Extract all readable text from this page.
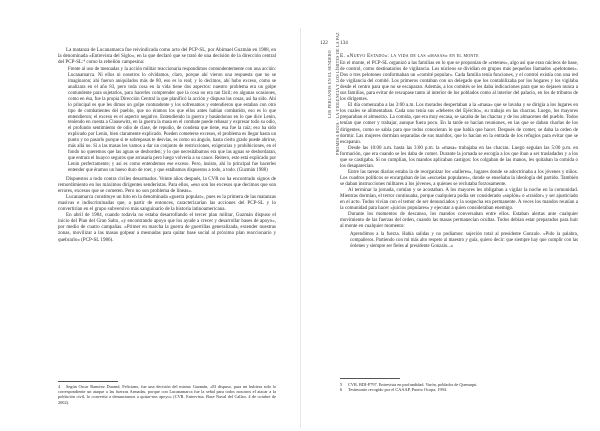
La matanza de Lucanamarca fue reivindicada como acto del PCP-SL, por Abimael Guzmán en 1988, en la denominada «Entrevista del Siglo», en la que declaró que se trató de una decisión de la dirección central del PCP-SL:⁴ como la rebelión campesina:

Frente al uso de mesnadas y la acción militar reaccionaria respondimos contundentemente con una acción: Lucanamarca. Ni ellos ni nosotros lo olvidamos, claro, porque ahí vieron una respuesta que no se imaginaron; ahí fueron aniquilados más de 80, eso es lo real; y lo decimos, ahí hubo exceso, como se analizara en el año 83, pero toda cosa en la vida tiene dos aspectos: nuestro problema era un golpe contundente para sujetarlos, para hacerles comprender que la cosa no era tan fácil; en algunas ocasiones, como en ésa, fue la propia Dirección Central la que planificó la acción y dispuso las cosas, así ha sido. Ahí lo principal es que les dimos un golpe contundente y los sofrenamos y entendieron que estaban con otro tipo de combatientes del pueblo, que no éramos los que ellos antes habían combatido, eso es lo que entendieron; el exceso es el aspecto negativo. Entendiendo la guerra y basándonos en lo que dice Lenin, teniendo en cuenta a Clausewitz, en la guerra la masa en el combate puede rebasar y expresar todo su odio, el profundo sentimiento de odio de clase, de repudio, de condena que tiene, esa fue la raíz; eso ha sido explicado por Lenin, bien claramente explicado. Pueden cometerse excesos, el problema es llegar hasta un punto y no pasarlo porque si te sobrepasas te desvías, es como un ángulo, hasta cierto grado puede abrirse, más allá no. Si a las masas les vamos a dar un conjunto de restricciones, exigencias y prohibiciones, en el fondo no queremos que las aguas se desborden; y lo que necesitábamos era que las aguas se desbordaran, que entrara el huayco seguros que arrasaría pero luego volvería a su cauce. Reitero, esto está explicado por Lenin perfectamente; y así es como entendemos ese exceso. Pero, insisto, ahí lo principal fue hacerles entender que éramos un hueso duro de roer, y que estábamos dispuestos a todo, a todo. (Guzmán 1988)

Dispuestos a todo contra civiles desarmados. Veinte años después, la CVR no ha encontrado signos de remordimiento en los máximos dirigentes senderistas. Para ellos, «eso son los excesos que decimos que son errores, excesos que se cometen. Pero no son problema de líneas».

Lucanamarca constituye un hito en la denominada «guerra popular», pues es la primera de las matanzas masivas e indiscriminadas que, a partir de entonces, caracterizarían las acciones del PCP-SL y lo convertirían en el grupo subversivo más sanguinario de la historia latinoamericana.

En abril de 1984, cuando todavía no estaba desarrollando el tercer plan militar, Guzmán dispuso el inicio del Plan del Gran Salto, «y encontrando apoyo que los ayude a crecer y desarrollar bases de apoyo», por medio de cuatro campañas. «Primer en marcha la guerra de guerrillas generalizada, extender nuestras zonas, movilizar a las masas golpear a mesnadas para quitar base social al próximo plan reaccionario y quebrarlo» (PCP-SL 1986).

4 Según Oscar Ramírez Durand, Feliciano, fue una decisión del mismo Guzmán, «El dispuso, para mi hubiera sido lo correspondiente un ataque a las fuerzas Armadas, porque con Lucanamarca fue la señal para todos nosotros el atacar a la población civil, lo convertía a denunciarnos a quitar-nos apoyo» (CVR. Entrevista. Base Naval del Callao, 4 de octubre de 2002).

122 134
LOS PERUANOS EN EL SENDERO PROMESA ROJA · LA VIOLENCIA Y LOS LÍMITES DE LA PAZ E. «Nuevo Estado»: la vida de las «masas» en el monte

En el monte, el PCP-SL organizó a las familias en lo que se proponían de «retenes», algo así que eran núcleos de base, de control, como destinatarios de vigilancia. Los núcleos se dividían en grupos más pequeños llamados «pelotones». Dos o tres pelotones conformaban un «comité popular». Cada familia tenía funciones, y el control existía con una red de vigilancia del comité. Los primeros contaban con un delegado que los contabilizaba por los hogares y los vigilaba desde el centro para que no se escaparan. Además, a los comités se les daba indicaciones para que no dejasen nunca a sus familias, para evitar de rescapase tanto al interior de los poblados como al interior del palacio, en los de tributos de los dirigentes.

El día comenzaba a las 3:00 a.m. Los morados despertaban a la «masa» que se lavaba y se dirigía a los lugares en los cuales se alimentaban. Cada uno tenía sus «deberes del Ejército», su trabajo en las chacras. Luego, los mayores preparaban el almuerzo. La comida, que era muy escasa, se sacaba de las chacras y de los almacenes del pueblo. Todos tenían que comer y trabajar, aunque fuera poco. En la tarde se hacían reuniones, en las que se daban charlas de los dirigentes, como se sabía para que todos conocieran lo que había que hacer. Después de comer, se daba la orden de dormir. Las mujeres dormían separadas de sus maridos, que lo hacían en la entrada de los refugios para evitar que se escaparan.

Desde las 10:00 a.m. hasta las 3:00 p.m. la «masa» trabajaba en las chacras. Luego seguían las 5:00 p.m. en formación, que era cuando se les daba de comer. Durante la jornada se escogía a los que iban a ser trasladados y a los que se castigaba. Si no cumplían, los mandos aplicaban castigos: los colgaban de las manos, les quitaban la comida o los desaparecían.

Entre las tareas diarias estaba la de reorganizar los «talleres», lugares donde se adoctrinaba a los jóvenes y niños. Los cuadros políticos se encargaban de las «escuelas populares», donde se enseñaba la ideología del partido. También se daban instrucciones militares a los jóvenes, a quienes se reclutaba forzosamente.

Al terminar la jornada, comían y se acostaban. A los mayores les obligaban a vigilar la noche en la comunidad. Mientras dormían, el terror continuaba, porque cualquiera podía ser considerado «soplón» o «traidor» y ser ajusticiado en el acto. Todos vivían con el temor de ser denunciados y la sospecha era permanente. A veces los mandos reunían a la comunidad para hacer «juicios populares» y ejecutar a quien consideraban enemigo.

Durante los momentos de descanso, los mandos conversaban entre ellos. Estaban alertas ante cualquier movimiento de las fuerzas del orden, cuando las masas permanecían ocultas. Todos debían estar preparados para huir al monte en cualquier momento:

Aprendimos a la fuerza. Había salidas y no podíamos: sujeción total al presidente Gonzalo. «Pido la palabra, compañeros. Partiendo con mi más alto respeto al maestro y guía, quiero decir: que siempre hay que cumplir con las órdenes y siempre ser fieles al presidente Gonzalo...»

5 CVR. BDI-P797. Entrevista en profundidad. Varón, poblador de Quenuqui.

6 Testimonio recogido por el CAAAP, Puerto Ocopa, 1994.
